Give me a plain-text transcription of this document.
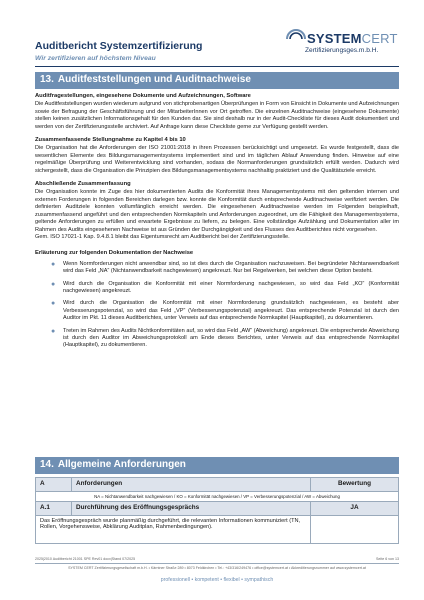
Auditbericht Systemzertifizierung
Wir zertifizieren auf höchstem Niveau
SYSTEMCERT
Zertifizierungsges.m.b.H.
13. Auditfeststellungen und Auditnachweise
Auditfragestellungen, eingesehene Dokumente und Aufzeichnungen, Software
Die Auditfeststellungen wurden wiederum aufgrund von stichprobenartigen Überprüfungen in Form von Einsicht in Dokumente und Aufzeichnungen sowie der Befragung der Geschäftsführung und der MitarbeiterInnen vor Ort getroffen. Die einzelnen Auditnachweise (eingesehene Dokumente) stellen keinen zusätzlichen Informationsgehalt für den Kunden dar. Sie sind deshalb nur in der Audit-Checkliste für dieses Audit dokumentiert und werden von der Zertifizierungsstelle archiviert. Auf Anfrage kann diese Checkliste gerne zur Verfügung gestellt werden.
Zusammenfassende Stellungnahme zu Kapitel 4 bis 10
Die Organisation hat die Anforderungen der ISO 21001:2018 in ihren Prozessen berücksichtigt und umgesetzt. Es wurde festgestellt, dass die wesentlichen Elemente des Bildungsmanagementsystems implementiert sind und im täglichen Ablauf Anwendung finden. Hinweise auf eine regelmäßige Überprüfung und Weiterentwicklung sind vorhanden, sodass die Normanforderungen grundsätzlich erfüllt werden. Dadurch wird sichergestellt, dass die Organisation die Prinzipien des Bildungsmanagementsystems nachhaltig praktiziert und die Qualitätsziele erreicht.
Abschließende Zusammenfassung
Die Organisation konnte im Zuge des hier dokumentierten Audits die Konformität ihres Managementsystems mit den geltenden internen und externen Forderungen in folgenden Bereichen darlegen bzw. konnte die Konformität durch entsprechende Auditnachweise verifiziert werden. Die definierten Auditziele konnten vollumfänglich erreicht werden. Die eingesehenen Auditnachweise werden im Folgenden beispielhaft, zusammenfassend angeführt und den entsprechenden Normkapiteln und Anforderungen zugeordnet, um die Fähigkeit des Managementsystems, geltende Anforderungen zu erfüllen und erwartete Ergebnisse zu liefern, zu belegen. Eine vollständige Aufzählung und Dokumentation aller im Rahmen des Audits eingesehenen Nachweise ist aus Gründen der Durchgängigkeit und des Flusses des Auditberichtes nicht vorgesehen.
Gem. ISO 17021-1 Kap. 9.4.8.1 bleibt das Eigentumsrecht am Auditbericht bei der Zertifizierungsstelle.
Erläuterung zur folgenden Dokumentation der Nachweise
● Wenn Normforderungen nicht anwendbar sind, so ist dies durch die Organisation nachzuweisen. Bei begründeter Nichtanwendbarkeit wird das Feld „NA“ (Nichtanwendbarkeit nachgewiesen) angekreuzt. Nur bei Regelwerken, bei welchen diese Option besteht.
● Wird durch die Organisation die Konformität mit einer Normforderung nachgewiesen, so wird das Feld „KO“ (Konformität nachgewiesen) angekreuzt.
● Wird durch die Organisation die Konformität mit einer Normforderung grundsätzlich nachgewiesen, es besteht aber Verbesserungspotenzial, so wird das Feld „VP“ (Verbesserungspotenzial) angekreuzt. Das entsprechende Potenzial ist durch den Auditor im Pkt. 11 dieses Auditberichtes, unter Verweis auf das entsprechende Normkapitel (Hauptkapitel), zu dokumentieren.
● Treten im Rahmen des Audits Nichtkonformitäten auf, so wird das Feld „AW“ (Abweichung) angekreuzt. Die entsprechende Abweichung ist durch den Auditor im Abweichungsprotokoll am Ende dieses Berichtes, unter Verweis auf das entsprechende Normkapitel (Hauptkapitel), zu dokumentieren.
14. Allgemeine Anforderungen
A	Anforderungen	Bewertung
NA = Nichtanwendbarkeit nachgewiesen / KO = Konformität nachgewiesen / VP = Verbesserungspotenzial / AW = Abweichung		
A.1	Durchführung des Eröffnungsgesprächs	JA
Das Eröffnungsgespräch wurde planmäßig durchgeführt, die relevanten Informationen kommuniziert (TN, Rollen, Vorgehensweise, Abklärung Auditplan, Rahmenbedingungen).		
2025|2010 Auditbericht 21001 SPE Rev01 docx|Stand 07/2025	Seite 6 von 13
SYSTEM CERT Zertifizierungsgesellschaft m.b.H. • Kärntner Straße 289 • 8073 Feldkirchen • Tel.: +43/316/249476 • office@systemcert.at • Akkreditierungsnummer auf www.systemcert.at
professionell • kompetent • flexibel • sympathisch
